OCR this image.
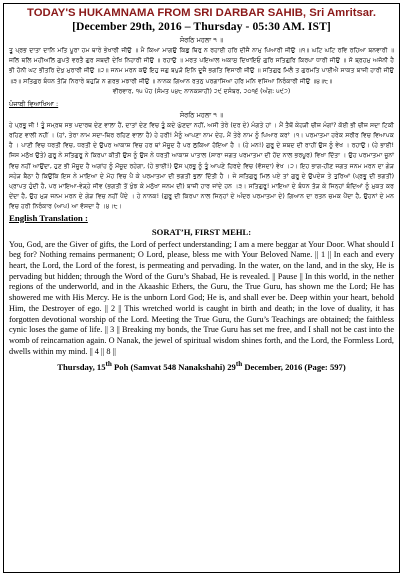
TODAY'S HUKAMNAMA FROM SRI DARBAR SAHIB, Sri Amritsar.
[December 29th, 2016 – Thursday - 05:30 AM. IST]
ਸੋਰਠਿ ਮਹਲਾ ੧ ॥

ਤੂ ਪ੍ਰਭ ਦਾਤਾ ਦਾਨਿ ਮਤਿ ਪੂਰਾ ਹਮ ਥਾਰੇ ਭੇਖਾਰੀ ਜੀਉ ॥ ਮੈ ਕਿਆ ਮਾਗਉ ਕਿਛੁ ਥਿਰੁ ਨ ਰਹਾਈ ਹਰਿ ਦੀਜੈ ਨਾਮੁ ਪਿਆਰੀ ਜੀਉ ॥੧॥ ਘਟਿ ਘਟਿ ਰਵਿ ਰਹਿਆ ਬਨਵਾਰੀ ॥ ਜਲਿ ਥਲਿ ਮਹੀਅਲਿ ਗੁਪਤੋ ਵਰਤੈ ਗੁਰ ਸਬਦੀ ਦੇਖਿ ਨਿਹਾਰੀ ਜੀਉ ॥ ਰਹਾਉ ॥ ਮਰਤ ਪਇਆਲ ਅਕਾਸੁ ਦਿਖਾਇਓ ਗੁਰਿ ਸਤਿਗੁਰਿ ਕਿਰਪਾ ਧਾਰੀ ਜੀਉ ॥ ਸੋ ਬ੍ਰਹਮੁ ਅਜੋਨੀ ਹੈ ਭੀ ਹੋਨੀ ਘਟ ਭੀਤਰਿ ਦੇਖੁ ਮੁਰਾਰੀ ਜੀਉ ॥੨॥ ਜਨਮ ਮਰਨ ਕਉ ਇਹੁ ਜਗੁ ਬਪੁੜੋ ਇਨਿ ਦੂਜੈ ਭਗਤਿ ਵਿਸਾਰੀ ਜੀਉ ॥ ਸਤਿਗੁਰੁ ਮਿਲੈ ਤ ਗੁਰਮਤਿ ਪਾਈਐ ਸਾਕਤ ਬਾਜੀ ਹਾਰੀ ਜੀਉ ॥੩॥ ਸਤਿਗੁਰ ਬੰਧਨ ਤੋੜਿ ਨਿਰਾਰੇ ਬਹੁੜਿ ਨ ਗਰਭ ਮਝਾਰੀ ਜੀਉ ॥ ਨਾਨਕ ਗਿਆਨ ਰਤਨੁ ਪਰਗਾਸਿਆ ਹਰਿ ਮਨਿ ਵਸਿਆ ਨਿਰੰਕਾਰੀ ਜੀਉ ॥੪॥੮॥

ਵੀਰਵਾਰ, ੧੫ ਪੋਹ (ਸੰਮਤ ੫੪੮ ਨਾਨਕਸ਼ਾਹੀ) ੨੯ ਦਸੰਬਰ, ੨੦੧੬ (ਅੰਗ: ੫੯੭)
ਪੰਜਾਬੀ ਵਿਆਖਿਆ :
ਸੋਰਠਿ ਮਹਲਾ ੧ ॥

ਹੇ ਪ੍ਰਭੂ ਜੀ ! ਤੂੰ ਸਮ੍ਰਥ ਸਭ ਪਦਾਰਥ ਦੇਣ ਵਾਲਾ ਹੈਂ, ਦਾਤਾਂ ਦੇਣ ਵਿਚ ਤੂੰ ਕਦੇ ਘੁੱਣਦਾ ਨਹੀਂ, ਅਸੀ ਤੇਰੇ (ਦਰ ਦੇ) ਮੰਗਤੇ ਹਾਂ । ਮੈਂ ਤੈਥੋਂ ਕੇਹੜੀ ਚੀਜ਼ ਮੰਗਾਂ? ਕੋਈ ਭੀ ਚੀਜ਼ ਸਦਾ ਟਿਕੀ ਰਹਿਣ ਵਾਲੀ ਨਹੀਂ । (ਹਾਂ, ਤੇਰਾ ਨਾਮ ਸਦਾ-ਥਿਰ ਰਹਿਣ ਵਾਲਾ ਹੈ) ਹੇ ਹਰੀ! ਮੈਨੂੰ ਆਪਣਾ ਨਾਮ ਦੇਹ, ਮੈਂ ਤੇਰੇ ਨਾਮ ਨੂੰ ਪਿਆਰ ਕਰਾਂ ।੧। ਪਰਮਾਤਮਾ ਹਰੇਕ ਸਰੀਰ ਵਿਚ ਵਿਆਪਕ ਹੈ । ਪਾਣੀ ਵਿਚ ਧਰਤੀ ਵਿਚ, ਧਰਤੀ ਦੇ ਉਪਰ ਆਕਾਸ਼ ਵਿਚ ਹਰ ਥਾਂ ਮੌਜੂਦ ਹੈ ਪਰ ਲੁਕਿਆ ਹੋਇਆ ਹੈ । (ਹੇ ਮਨ!) ਗੁਰੂ ਦੇ ਸ਼ਬਦ ਦੀ ਰਾਹੀਂ ਉਸ ਨੂੰ ਵੇਖ । ਰਹਾਉ। (ਹੇ ਭਾਈ! ਜਿਸ ਮਨੁੱਖ ਉਤੇ) ਗੁਰੂ ਨੇ ਸਤਿਗੁਰੂ ਨੇ ਕਿਰਪਾ ਕੀਤੀ ਉਸ ਨੂੰ ਉਸ ਨੇ ਧਰਤੀ ਆਕਾਸ਼ ਪਾਤਾਲ (ਸਾਰਾ ਜਗਤ ਪਰਮਾਤਮਾ ਦੀ ਹੋਂਦ ਨਾਲ ਭਰਪੂਰ) ਵਿਖਾ ਦਿੱਤਾ । ਉਹ ਪਰਮਾਤਮਾ ਜੂਨਾਂ ਵਿਚ ਨਹੀਂ ਆਉਂਦਾ, ਹੁਣ ਭੀ ਮੌਜੂਦ ਹੈ ਅਗਾਂਹ ਨੂੰ ਮੌਜੂਦ ਰਹੇਗਾ, (ਹੇ ਭਾਈ!) ਉਸ ਪ੍ਰਭੂ ਨੂੰ ਤੂੰ ਆਪਣੇ ਹਿਰਦੇ ਵਿਚ (ਵੱਸਦਾ) ਵੇਖ ।੨। ਇਹ ਭਾਗ-ਹੀਣ ਜਗਤ ਜਨਮ ਮਰਨ ਦਾ ਗੇੜ ਸਹੇੜ ਬੈਠਾ ਹੈ ਕਿਉਂਕਿ ਇਸ ਨੇ ਮਾਇਆ ਦੇ ਮੋਹ ਵਿਚ ਪੈ ਕੇ ਪਰਮਾਤਮਾ ਦੀ ਭਗਤੀ ਭੁਲਾ ਦਿੱਤੀ ਹੈ । ਜੇ ਸਤਿਗੁਰੂ ਮਿਲ ਪਏ ਤਾਂ ਗੁਰੂ ਦੇ ਉਪਦੇਸ਼ ਤੇ ਤੁਰਿਆਂ (ਪ੍ਰਭੂ ਦੀ ਭਗਤੀ) ਪ੍ਰਾਪਤ ਹੁੰਦੀ ਹੈ, ਪਰ ਮਾਇਆ-ਵੇੜ੍ਹੇ ਜੀਵ (ਭਗਤੀ ਤੋਂ ਖੁੰਝ ਕੇ ਮਨੁੱਖਾ ਜਨਮ ਦੀ) ਬਾਜ਼ੀ ਹਾਰ ਜਾਂਦੇ ਹਨ ।੩। ਸਤਿਗੁਰੂ! ਮਾਇਆ ਦੇ ਬੰਧਨ ਤੋੜ ਕੇ ਜਿਨ੍ਹਾਂ ਬੰਦਿਆਂ ਨੂੰ ਮੁਕਤ ਕਰ ਦੇਂਦਾ ਹੈ, ਉਹ ਮੁੜ ਜਨਮ ਮਰਨ ਦੇ ਗੇੜ ਵਿਚ ਨਹੀਂ ਪੈਂਦੇ । ਹੇ ਨਾਨਕ! (ਗੁਰੂ ਦੀ ਕਿਰਪਾ ਨਾਲ ਜਿਨ੍ਹਾਂ ਦੇ ਅੰਦਰ ਪਰਮਾਤਮਾ ਦੇ) ਗਿਆਨ ਦਾ ਰਤਨ ਚਮਕ ਪੈਂਦਾ ਹੈ, ਉਹਨਾਂ ਦੇ ਮਨ ਵਿਚ ਹਰੀ ਨਿਰੰਕਾਰ (ਆਪ) ਆ ਵੱਸਦਾ ਹੈ ।੪।੮।

English Translation :
SORAT’H, FIRST MEHL:

You, God, are the Giver of gifts, the Lord of perfect understanding; I am a mere beggar at Your Door. What should I beg for? Nothing remains permanent; O Lord, please, bless me with Your Beloved Name. || 1 || In each and every heart, the Lord, the Lord of the forest, is permeating and pervading. In the water, on the land, and in the sky, He is pervading but hidden; through the Word of the Guru’s Shabad, He is revealed. || Pause || In this world, in the nether regions of the underworld, and in the Akaashic Ethers, the Guru, the True Guru, has shown me the Lord; He has showered me with His Mercy. He is the unborn Lord God; He is, and shall ever be. Deep within your heart, behold Him, the Destroyer of ego. || 2 || This wretched world is caught in birth and death; in the love of duality, it has forgotten devotional worship of the Lord. Meeting the True Guru, the Guru’s Teachings are obtained; the faithless cynic loses the game of life. || 3 || Breaking my bonds, the True Guru has set me free, and I shall not be cast into the womb of reincarnation again. O Nanak, the jewel of spiritual wisdom shines forth, and the Lord, the Formless Lord, dwells within my mind. || 4 || 8 ||

Thursday, 15th Poh (Samvat 548 Nanakshahi) 29th December, 2016 (Page: 597)
